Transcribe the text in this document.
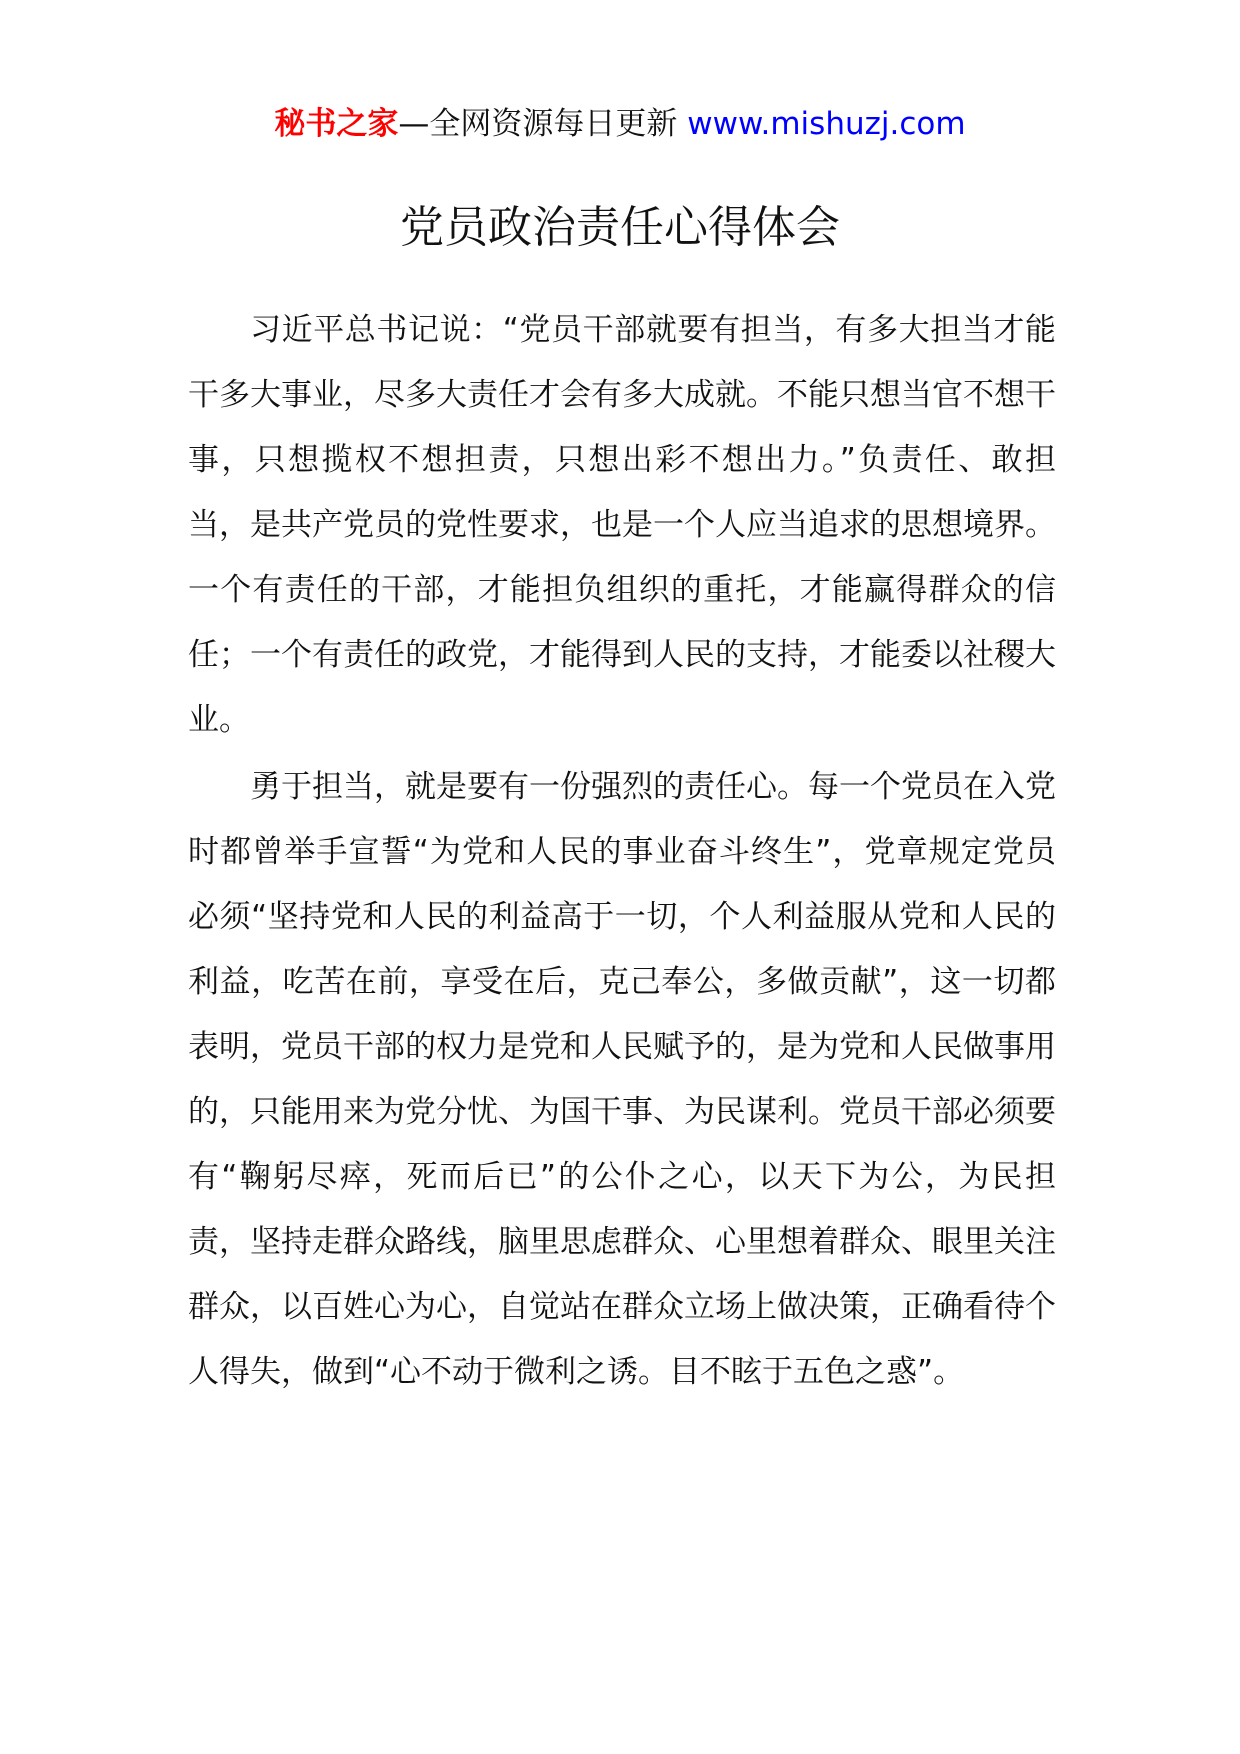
秘书之家—全网资源每日更新 www.mishuzj.com
党员政治责任心得体会

习近平总书记说：“党员干部就要有担当，有多大担当才能干多大事业，尽多大责任才会有多大成就。不能只想当官不想干事，只想揽权不想担责，只想出彩不想出力。”负责任、敢担当，是共产党员的党性要求，也是一个人应当追求的思想境界。一个有责任的干部，才能担负组织的重托，才能赢得群众的信任；一个有责任的政党，才能得到人民的支持，才能委以社稷大业。

勇于担当，就是要有一份强烈的责任心。每一个党员在入党时都曾举手宣誓“为党和人民的事业奋斗终生”，党章规定党员必须“坚持党和人民的利益高于一切，个人利益服从党和人民的利益，吃苦在前，享受在后，克己奉公，多做贡献”，这一切都表明，党员干部的权力是党和人民赋予的，是为党和人民做事用的，只能用来为党分忧、为国干事、为民谋利。党员干部必须要有“鞠躬尽瘁，死而后已”的公仆之心，以天下为公，为民担责，坚持走群众路线，脑里思虑群众、心里想着群众、眼里关注群众，以百姓心为心，自觉站在群众立场上做决策，正确看待个人得失，做到“心不动于微利之诱。目不眩于五色之惑”。
